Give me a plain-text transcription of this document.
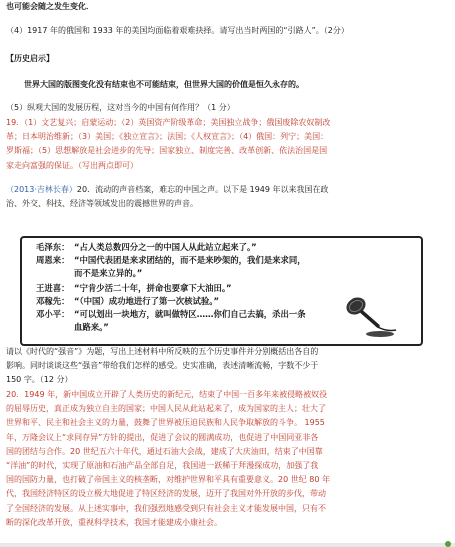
也可能会随之发生变化．
（4）1917 年的俄国和 1933 年的美国均面临着艰难抉择。请写出当时两国的“引路人”。（2分）
【历史启示】
世界大国的版图变化没有结束也不可能结束，但世界大国的价值是恒久永存的。
（5）纵观大国的发展历程，这对当今的中国有何作用？（1 分）
19．（1）文艺复兴；启蒙运动；（2）英国资产阶级革命；美国独立战争；俄国废除农奴制改
革；日本明治维新；（3）美国；《独立宣言》；法国；《人权宣言》；（4）俄国：列宁；美国：
罗斯福；（5）思想解放是社会进步的先导；国家独立、制度完善、改革创新、依法治国是国
家走向富强的保证。（写出两点即可）
（2013·吉林长春）20．流动的声音档案，难忘的中国之声。以下是 1949 年以来我国在政
治、外交、科技、经济等领域发出的震撼世界的声音。
毛泽东： “占人类总数四分之一的中国人从此站立起来了。”
周恩来： “中国代表团是来求团结的，而不是来吵架的，我们是来求同，
而不是来立异的。”
王进喜： “宁肯少活二十年，拼命也要拿下大油田。”
邓稼先： “（中国）成功地进行了第一次核试验。”
邓小平： “可以划出一块地方，就叫做特区……你们自己去搞，杀出一条
血路来。”
请以《时代的“强音”》为题，写出上述材料中所反映的五个历史事件并分别概括出各自的
影响。同时谈谈这些“强音”带给我们怎样的感受。史实准确，表述清晰流畅，字数不少于
150 字。（12 分）
20．1949 年，新中国成立开辟了人类历史的新纪元，结束了中国一百多年来被侵略被奴役
的屈辱历史，真正成为独立自主的国家；中国人民从此站起来了，成为国家的主人；壮大了
世界和平、民主和社会主义的力量，鼓舞了世界被压迫民族和人民争取解放的斗争。 1955
年，万隆会议上“求同存异”方针的提出，促进了会议的圆满成功，也促进了中国同亚非各
国的团结与合作。20 世纪五六十年代，通过石油大会战，建成了大庆油田，结束了中国靠
“洋油”的时代，实现了原油和石油产品全部自足，我国进一跃稀于拜漫探成功，加强了我
国的国防力量，也打破了帝国主义的核垄断，对维护世界和平具有重要意义。20 世纪 80 年
代，我国经济特区的设立极大地促进了特区经济的发展，迈开了我国对外开放的步伐，带动
了全国经济的发展。从上述实事中，我们强烈地感受到只有社会主义才能发展中国，只有不
断的深化改革开放，重视科学技术，我国才能建成小康社会。
